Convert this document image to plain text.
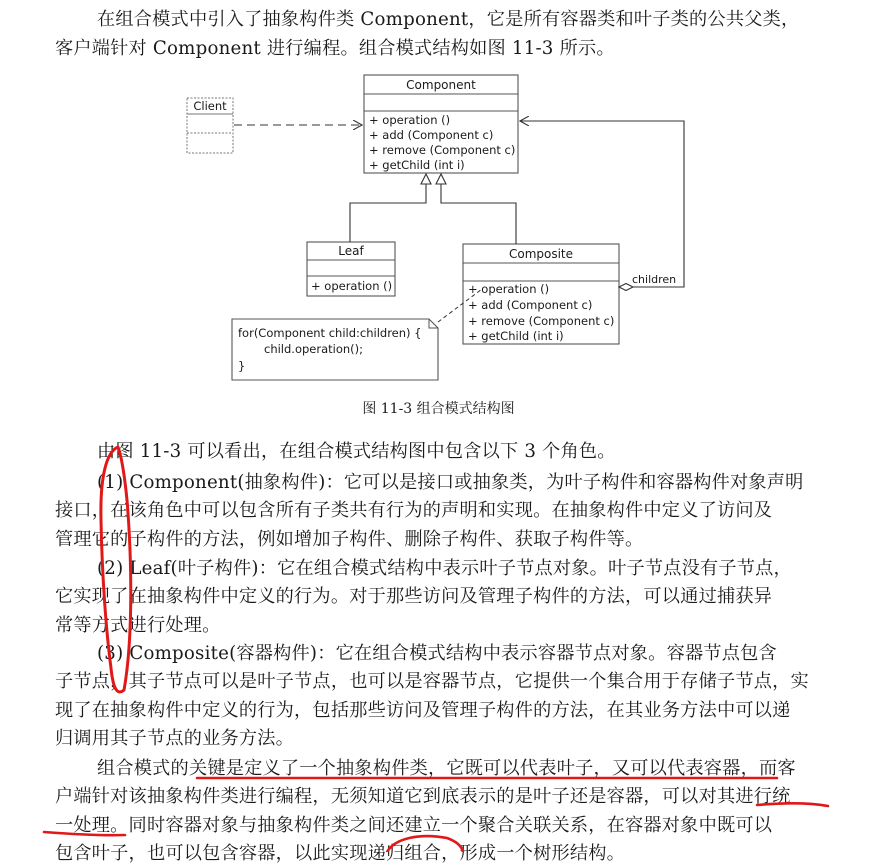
在组合模式中引入了抽象构件类 Component，它是所有容器类和叶子类的公共父类，
客户端针对 Component 进行编程。组合模式结构如图 11-3 所示。
Component
+ operation ()
+ add (Component c)
+ remove (Component c)
+ getChild (int i)
Client
Leaf
+ operation ()
Composite
+ operation ()
+ add (Component c)
+ remove (Component c)
+ getChild (int i)
children
for(Component child:children) {
child.operation();
}
图 11-3 组合模式结构图
由图 11-3 可以看出，在组合模式结构图中包含以下 3 个角色。
(1) Component(抽象构件)：它可以是接口或抽象类，为叶子构件和容器构件对象声明
接口，在该角色中可以包含所有子类共有行为的声明和实现。在抽象构件中定义了访问及
管理它的子构件的方法，例如增加子构件、删除子构件、获取子构件等。
(2) Leaf(叶子构件)：它在组合模式结构中表示叶子节点对象。叶子节点没有子节点，
它实现了在抽象构件中定义的行为。对于那些访问及管理子构件的方法，可以通过捕获异
常等方式进行处理。
(3) Composite(容器构件)：它在组合模式结构中表示容器节点对象。容器节点包含
子节点，其子节点可以是叶子节点，也可以是容器节点，它提供一个集合用于存储子节点，实
现了在抽象构件中定义的行为，包括那些访问及管理子构件的方法，在其业务方法中可以递
归调用其子节点的业务方法。
组合模式的关键是定义了一个抽象构件类，它既可以代表叶子，又可以代表容器，而客
户端针对该抽象构件类进行编程，无须知道它到底表示的是叶子还是容器，可以对其进行统
一处理。同时容器对象与抽象构件类之间还建立一个聚合关联关系，在容器对象中既可以
包含叶子，也可以包含容器，以此实现递归组合，形成一个树形结构。
